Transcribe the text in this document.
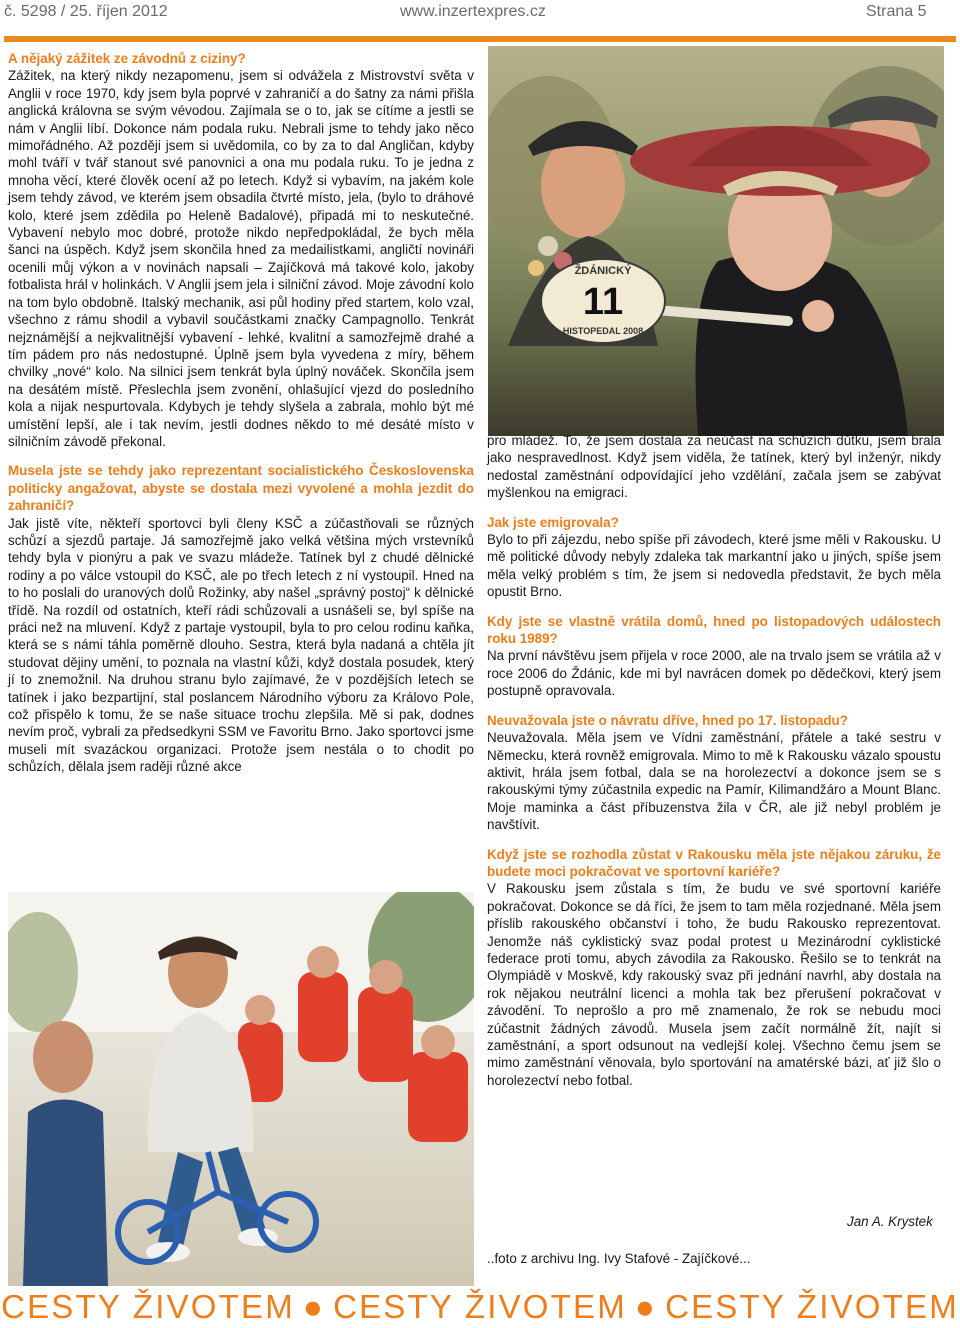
č. 5298 / 25. říjen 2012	www.inzertexpres.cz	Strana 5

A nějaký zážitek ze závodnů z ciziny?

Zážitek, na který nikdy nezapomenu, jsem si odvážela z Mistrovství světa v Anglii v roce 1970, kdy jsem byla poprvé v zahraničí a do šatny za námi přišla anglická královna se svým vévodou. Zajímala se o to, jak se cítíme a jestli se nám v Anglii líbí. Dokonce nám podala ruku. Nebrali jsme to tehdy jako něco mimořádného. Až později jsem si uvědomila, co by za to dal Angličan, kdyby mohl tváří v tvář stanout své panovnici a ona mu podala ruku. To je jedna z mnoha věcí, které člověk ocení až po letech. Když si vybavím, na jakém kole jsem tehdy závod, ve kterém jsem obsadila čtvrté místo, jela, (bylo to dráhové kolo, které jsem zdědila po Heleně Badalové), připadá mi to neskutečné. Vybavení nebylo moc dobré, protože nikdo nepředpokládal, že bych měla šanci na úspěch. Když jsem skončila hned za medailistkami, angličtí novináři ocenili můj výkon a v novinách napsali – Zajíčková má takové kolo, jakoby fotbalista hrál v holinkách. V Anglii jsem jela i silniční závod. Moje závodní kolo na tom bylo obdobně. Italský mechanik, asi půl hodiny před startem, kolo vzal, všechno z rámu shodil a vybavil součástkami značky Campagnollo. Tenkrát nejznámější a nejkvalitnější vybavení - lehké, kvalitní a samozřejmě drahé a tím pádem pro nás nedostupné. Úplně jsem byla vyvedena z míry, během chvilky „nové“ kolo. Na silnici jsem tenkrát byla úplný nováček. Skončila jsem na desátém místě. Přeslechla jsem zvonění, ohlašující vjezd do posledního kola a nijak nespurtovala. Kdybych je tehdy slyšela a zabrala, mohlo být mé umístění lepší, ale i tak nevím, jestli dodnes někdo to mé desáté místo v silničním závodě překonal.

Musela jste se tehdy jako reprezentant socialistického Československa politicky angažovat, abyste se dostala mezi vyvolené a mohla jezdit do zahraničí?

Jak jistě víte, někteří sportovci byli členy KSČ a zúčastňovali se různých schůzí a sjezdů partaje. Já samozřejmě jako velká většina mých vrstevníků tehdy byla v pionýru a pak ve svazu mládeže. Tatínek byl z chudé dělnické rodiny a po válce vstoupil do KSČ, ale po třech letech z ní vystoupil. Hned na to ho poslali do uranových dolů Rožinky, aby našel „správný postoj“ k dělnické třídě. Na rozdíl od ostatních, kteří rádi schůzovali a usnášeli se, byl spíše na práci než na mluvení. Když z partaje vystoupil, byla to pro celou rodinu kaňka, která se s námi táhla poměrně dlouho. Sestra, která byla nadaná a chtěla jít studovat dějiny umění, to poznala na vlastní kůži, když dostala posudek, který jí to znemožnil. Na druhou stranu bylo zajímavé, že v pozdějších letech se tatínek i jako bezpartijní, stal poslancem Národního výboru za Královo Pole, což přispělo k tomu, že se naše situace trochu zlepšila. Mě si pak, dodnes nevím proč, vybrali za předsedkyni SSM ve Favoritu Brno. Jako sportovci jsme museli mít svazáckou organizaci. Protože jsem nestála o to chodit po schůzích, dělala jsem raději různé akce

ŽDÁNICKÝ
11
HISTOPEDAL 2008

pro mládež. To, že jsem dostala za neúčast na schůzích důtku, jsem brala jako nespravedlnost. Když jsem viděla, že tatínek, který byl inženýr, nikdy nedostal zaměstnání odpovídající jeho vzdělání, začala jsem se zabývat myšlenkou na emigraci.

Jak jste emigrovala?

Bylo to při zájezdu, nebo spíše při závodech, které jsme měli v Rakousku. U mě politické důvody nebyly zdaleka tak markantní jako u jiných, spíše jsem měla velký problém s tím, že jsem si nedovedla představit, že bych měla opustit Brno.

Kdy jste se vlastně vrátila domů, hned po listopadových událostech roku 1989?

Na první návštěvu jsem přijela v roce 2000, ale na trvalo jsem se vrátila až v roce 2006 do Ždánic, kde mi byl navrácen domek po dědečkovi, který jsem postupně opravovala.

Neuvažovala jste o návratu dříve, hned po 17. listopadu?

Neuvažovala. Měla jsem ve Vídni zaměstnání, přátele a také sestru v Německu, která rovněž emigrovala. Mimo to mě k Rakousku vázalo spoustu aktivit, hrála jsem fotbal, dala se na horolezectví a dokonce jsem se s rakouskými týmy zúčastnila expedic na Pamír, Kilimandžáro a Mount Blanc. Moje maminka a část příbuzenstva žila v ČR, ale již nebyl problém je navštívit.

Když jste se rozhodla zůstat v Rakousku měla jste nějakou záruku, že budete moci pokračovat ve sportovní kariéře?

V Rakousku jsem zůstala s tím, že budu ve své sportovní kariéře pokračovat. Dokonce se dá říci, že jsem to tam měla rozjednané. Měla jsem příslib rakouského občanství i toho, že budu Rakousko reprezentovat. Jenomže náš cyklistický svaz podal protest u Mezinárodní cyklistické federace proti tomu, abych závodila za Rakousko. Řešilo se to tenkrát na Olympiádě v Moskvě, kdy rakouský svaz při jednání navrhl, aby dostala na rok nějakou neutrální licenci a mohla tak bez přerušení pokračovat v závodění. To neprošlo a pro mě znamenalo, že rok se nebudu moci zúčastnit žádných závodů. Musela jsem začít normálně žít, najít si zaměstnání, a sport odsunout na vedlejší kolej. Všechno čemu jsem se mimo zaměstnání věnovala, bylo sportování na amatérské bázi, ať již šlo o horolezectví nebo fotbal.

Jan A. Krystek
..foto z archivu Ing. Ivy Stafové - Zajíčkové...
CESTY ŽIVOTEM ● CESTY ŽIVOTEM ● CESTY ŽIVOTEM
